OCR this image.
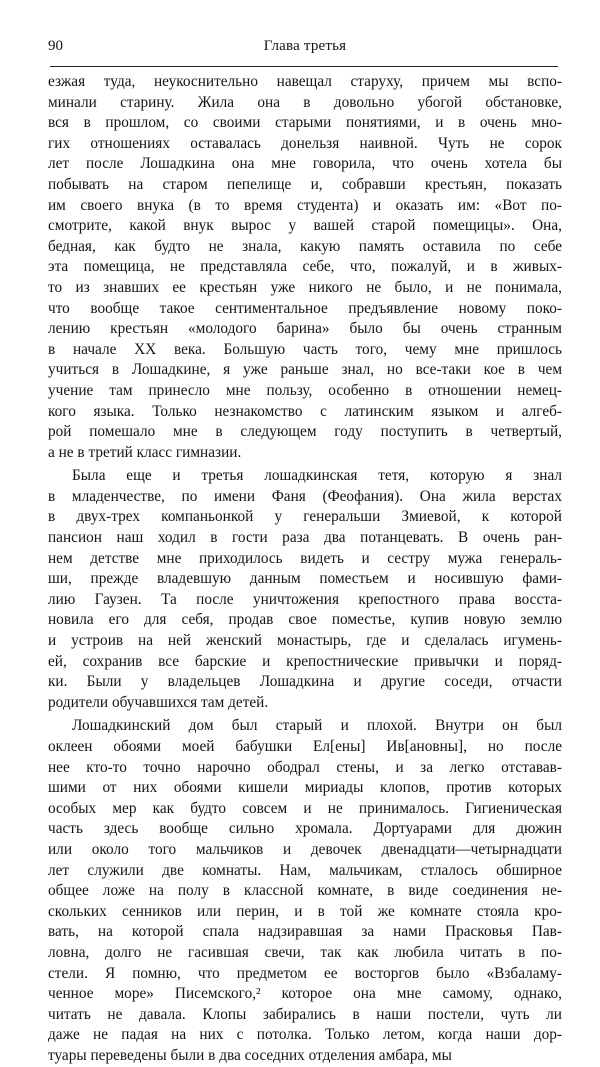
90	Глава третья
езжая туда, неукоснительно навещал старуху, причем мы вспо-
минали старину. Жила она в довольно убогой обстановке,
вся в прошлом, со своими старыми понятиями, и в очень мно-
гих отношениях оставалась донельзя наивной. Чуть не сорок
лет после Лошадкина она мне говорила, что очень хотела бы
побывать на старом пепелище и, собравши крестьян, показать
им своего внука (в то время студента) и оказать им: «Вот по-
смотрите, какой внук вырос у вашей старой помещицы». Она,
бедная, как будто не знала, какую память оставила по себе
эта помещица, не представляла себе, что, пожалуй, и в живых-
то из знавших ее крестьян уже никого не было, и не понимала,
что вообще такое сентиментальное предъявление новому поко-
лению крестьян «молодого барина» было бы очень странным
в начале XX века. Большую часть того, чему мне пришлось
учиться в Лошадкине, я уже раньше знал, но все-таки кое в чем
учение там принесло мне пользу, особенно в отношении немец-
кого языка. Только незнакомство с латинским языком и алгеб-
рой помешало мне в следующем году поступить в четвертый,
а не в третий класс гимназии.
Была еще и третья лошадкинская тетя, которую я знал
в младенчестве, по имени Фаня (Феофания). Она жила верстах
в двух-трех компаньонкой у генеральши Змиевой, к которой
пансион наш ходил в гости раза два потанцевать. В очень ран-
нем детстве мне приходилось видеть и сестру мужа генераль-
ши, прежде владевшую данным поместьем и носившую фами-
лию Гаузен. Та после уничтожения крепостного права восста-
новила его для себя, продав свое поместье, купив новую землю
и устроив на ней женский монастырь, где и сделалась игумень-
ей, сохранив все барские и крепостнические привычки и поряд-
ки. Были у владельцев Лошадкина и другие соседи, отчасти
родители обучавшихся там детей.
Лошадкинский дом был старый и плохой. Внутри он был
оклеен обоями моей бабушки Ел[ены] Ив[ановны], но после
нее кто-то точно нарочно ободрал стены, и за легко отставав-
шими от них обоями кишели мириады клопов, против которых
особых мер как будто совсем и не принималось. Гигиеническая
часть здесь вообще сильно хромала. Дортуарами для дюжин
или около того мальчиков и девочек двенадцати—четырнадцати
лет служили две комнаты. Нам, мальчикам, стлалось обширное
общее ложе на полу в классной комнате, в виде соединения не-
скольких сенников или перин, и в той же комнате стояла кро-
вать, на которой спала надзиравшая за нами Прасковья Пав-
ловна, долго не гасившая свечи, так как любила читать в по-
стели. Я помню, что предметом ее восторгов было «Взбаламу-
ченное море» Писемского,² которое она мне самому, однако,
читать не давала. Клопы забирались в наши постели, чуть ли
даже не падая на них с потолка. Только летом, когда наши дор-
туары переведены были в два соседних отделения амбара, мы
